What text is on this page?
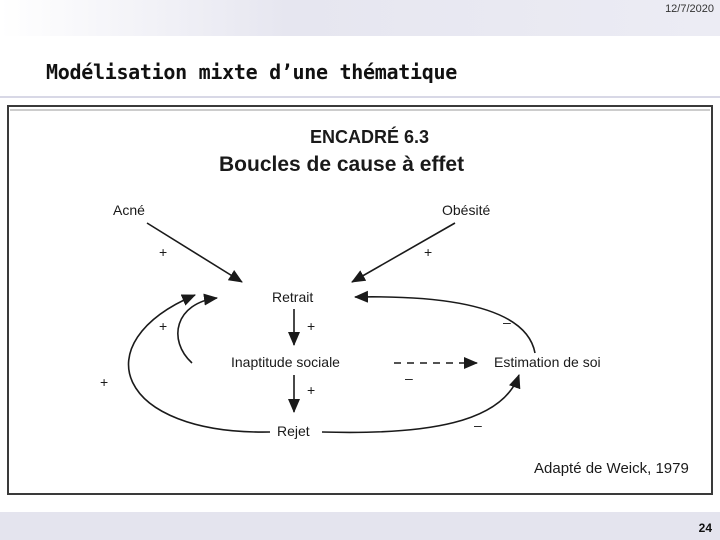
12/7/2020
Modélisation mixte d’une thématique
ENCADRÉ 6.3
Boucles de cause à effet
Acné	Obésité
Retrait
Inaptitude sociale	Estimation de soi
Rejet
+	+
+	+
+	–
–
+
–
Adapté de Weick, 1979
24
